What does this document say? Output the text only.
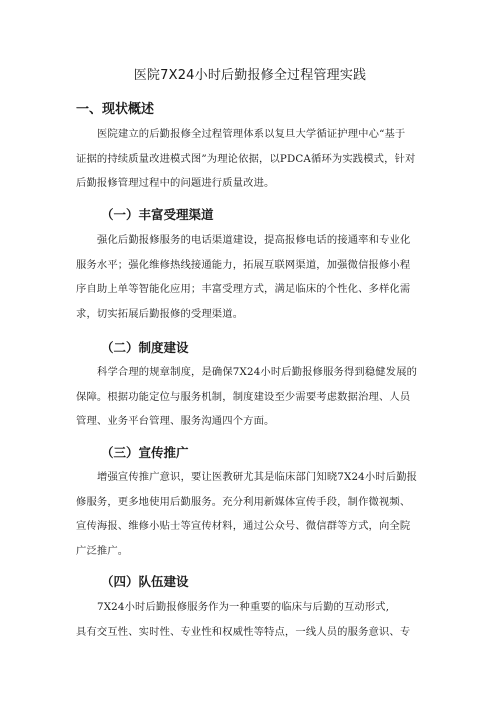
医院7X24小时后勤报修全过程管理实践
一、现状概述

医院建立的后勤报修全过程管理体系以复旦大学循证护理中心“基于

证据的持续质量改进模式图”为理论依据，以PDCA循环为实践模式，针对

后勤报修管理过程中的问题进行质量改进。

（一）丰富受理渠道

强化后勤报修服务的电话渠道建设，提高报修电话的接通率和专业化

服务水平；强化维修热线接通能力，拓展互联网渠道，加强微信报修小程

序自助上单等智能化应用；丰富受理方式，满足临床的个性化、多样化需

求，切实拓展后勤报修的受理渠道。

（二）制度建设

科学合理的规章制度，是确保7X24小时后勤报修服务得到稳健发展的

保障。根据功能定位与服务机制，制度建设至少需要考虑数据治理、人员

管理、业务平台管理、服务沟通四个方面。

（三）宣传推广

增强宣传推广意识，要让医教研尤其是临床部门知晓7X24小时后勤报

修服务，更多地使用后勤服务。充分利用新媒体宣传手段，制作微视频、

宣传海报、维修小贴士等宣传材料，通过公众号、微信群等方式，向全院

广泛推广。

（四）队伍建设

7X24小时后勤报修服务作为一种重要的临床与后勤的互动形式,

具有交互性、实时性、专业性和权威性等特点，一线人员的服务意识、专
